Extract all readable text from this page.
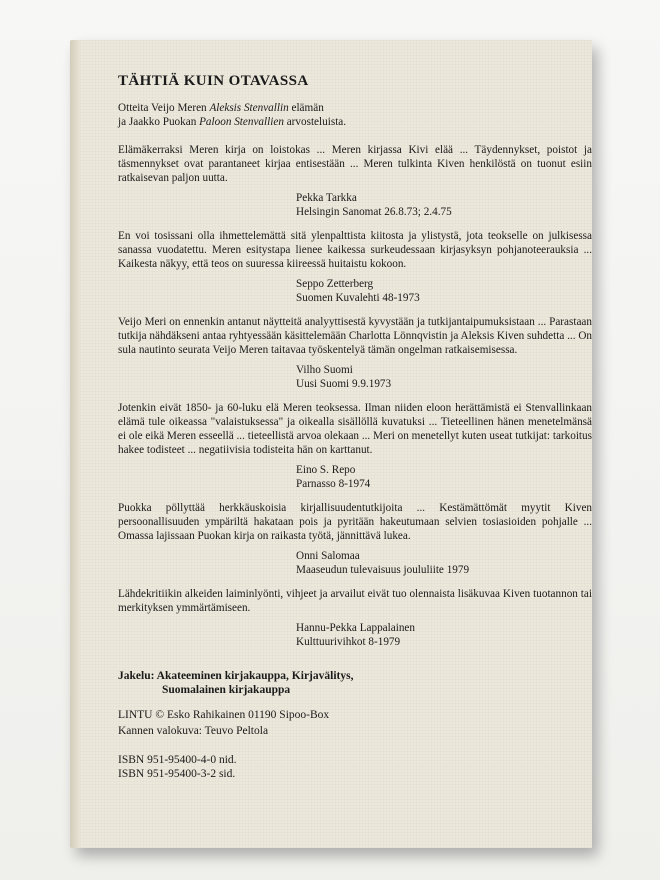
TÄHTIÄ KUIN OTAVASSA
Otteita Veijo Meren Aleksis Stenvallin elämän
ja Jaakko Puokan Paloon Stenvallien arvosteluista.

Elämäkerraksi Meren kirja on loistokas ... Meren kirjassa Kivi elää ... Täydennykset, poistot ja täsmennykset ovat parantaneet kirjaa entisestään ... Meren tulkinta Kiven henkilöstä on tuonut esiin ratkaisevan paljon uutta.

Pekka Tarkka
Helsingin Sanomat 26.8.73; 2.4.75

En voi tosissani olla ihmettelemättä sitä ylenpalttista kiitosta ja ylistystä, jota teokselle on julkisessa sanassa vuodatettu. Meren esitystapa lienee kaikessa surkeudessaan kirjasyksyn pohjanoteerauksia ... Kaikesta näkyy, että teos on suuressa kiireessä huitaistu kokoon.

Seppo Zetterberg
Suomen Kuvalehti 48-1973

Veijo Meri on ennenkin antanut näytteitä analyyttisestä kyvystään ja tutkijantaipumuksistaan ... Parastaan tutkija nähdäkseni antaa ryhtyessään käsittelemään Charlotta Lönnqvistin ja Aleksis Kiven suhdetta ... On sula nautinto seurata Veijo Meren taitavaa työskentelyä tämän ongelman ratkaisemisessa.

Vilho Suomi
Uusi Suomi 9.9.1973

Jotenkin eivät 1850- ja 60-luku elä Meren teoksessa. Ilman niiden eloon herättämistä ei Stenvallinkaan elämä tule oikeassa "valaistuksessa" ja oikealla sisällöllä kuvatuksi ... Tieteellinen hänen menetelmänsä ei ole eikä Meren esseellä ... tieteellistä arvoa olekaan ... Meri on menetellyt kuten useat tutkijat: tarkoitus hakee todisteet ... negatiivisia todisteita hän on karttanut.

Eino S. Repo
Parnasso 8-1974

Puokka pöllyttää herkkäuskoisia kirjallisuudentutkijoita ... Kestämättömät myytit Kiven persoonallisuuden ympäriltä hakataan pois ja pyritään hakeutumaan selvien tosiasioiden pohjalle ... Omassa lajissaan Puokan kirja on raikasta työtä, jännittävä lukea.

Onni Salomaa
Maaseudun tulevaisuus joululiite 1979

Lähdekritiikin alkeiden laiminlyönti, vihjeet ja arvailut eivät tuo olennaista lisäkuvaa Kiven tuotannon tai merkityksen ymmärtämiseen.

Hannu-Pekka Lappalainen
Kulttuurivihkot 8-1979
Jakelu: Akateeminen kirjakauppa, Kirjavälitys,
Suomalainen kirjakauppa
LINTU © Esko Rahikainen 01190 Sipoo-Box
Kannen valokuva: Teuvo Peltola
ISBN 951-95400-4-0 nid.
ISBN 951-95400-3-2 sid.
